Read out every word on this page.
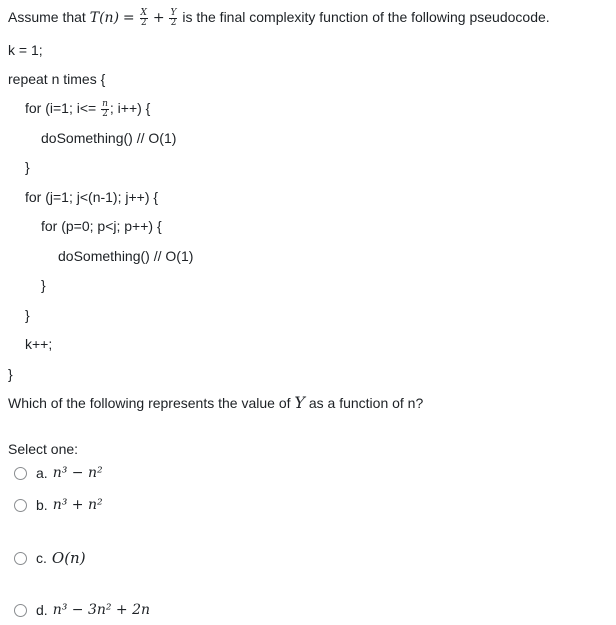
Assume that $T(n) = \frac{X}{2} + \frac{Y}{2}$ is the final complexity function of the following pseudocode.
k = 1;
repeat n times {
for (i=1; $i<= \frac{n}{2}$ ; i++) {
doSomething() // O(1)
}
for (j=1; j<(n-1); j++) {
for (p=0; p<j; p++) {
doSomething() // O(1)
}
}
k++;
}
Which of the following represents the value of Y as a function of n?
Select one:
a. n³ − n²
b. n³ + n²
c. O(n)
d. n³ − 3n² + 2n
